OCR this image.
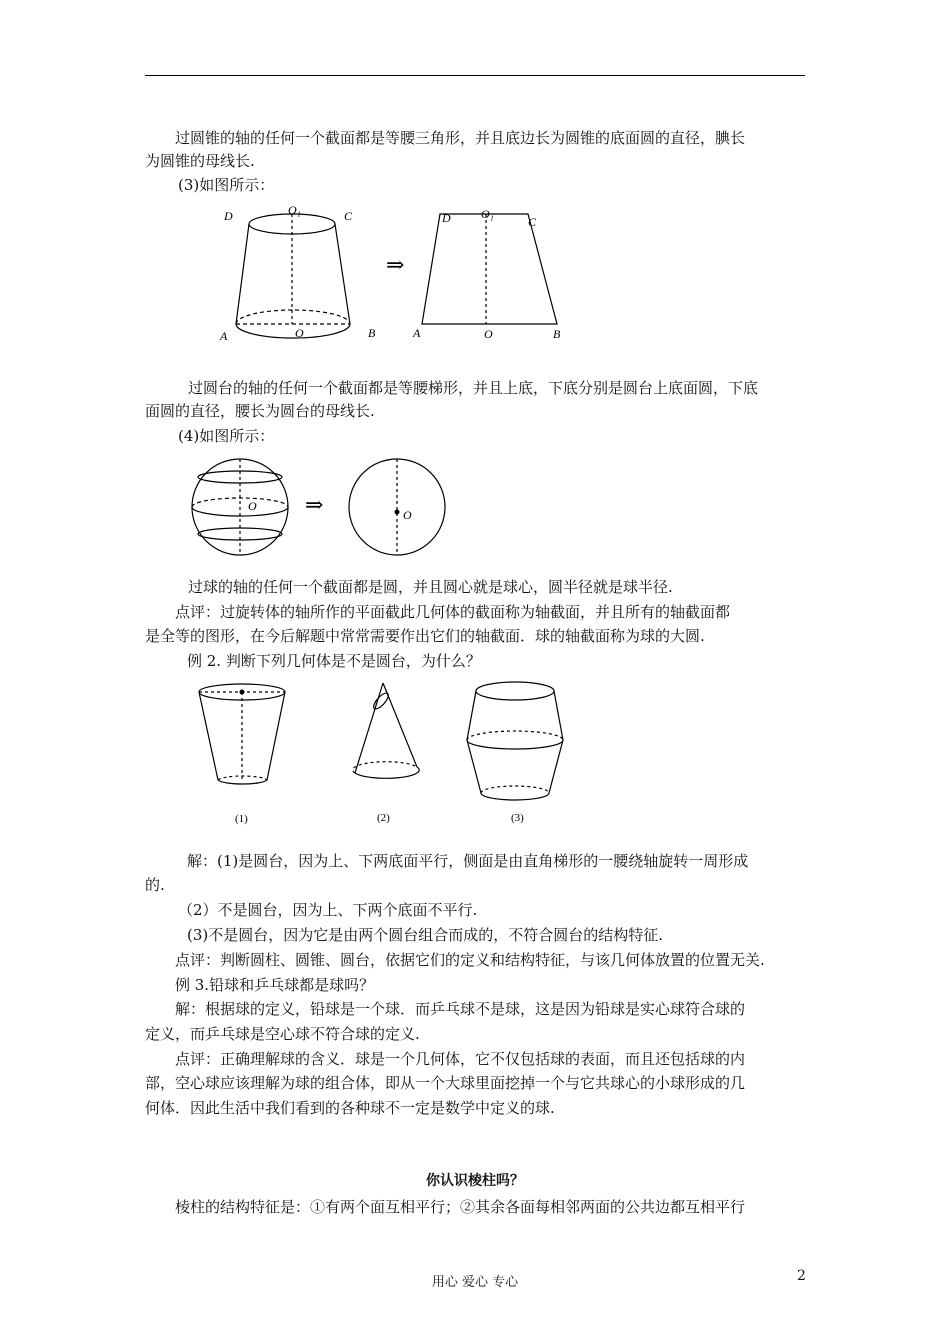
过圆锥的轴的任何一个截面都是等腰三角形，并且底边长为圆锥的底面圆的直径，腆长
为圆锥的母线长.
(3)如图所示：
D	O₁	C
A	O	B
D	O₁
C
A	O	B
⇒
过圆台的轴的任何一个截面都是等腰梯形，并且上底，下底分别是圆台上底面圆，下底
面圆的直径，腰长为圆台的母线长.
(4)如图所示：
O
O
⇒
过球的轴的任何一个截面都是圆，并且圆心就是球心，圆半径就是球半径.
点评：过旋转体的轴所作的平面截此几何体的截面称为轴截面，并且所有的轴截面都
是全等的图形，在今后解题中常常需要作出它们的轴截面．球的轴截面称为球的大圆.
例 2. 判断下列几何体是不是圆台，为什么？
(1)	(2)	(3)
解：(1)是圆台，因为上、下两底面平行，侧面是由直角梯形的一腰绕轴旋转一周形成
的.
（2）不是圆台，因为上、下两个底面不平行.
(3)不是圆台，因为它是由两个圆台组合而成的，不符合圆台的结构特征.
点评：判断圆柱、圆锥、圆台，依据它们的定义和结构特征，与该几何体放置的位置无关.
例 3.铅球和乒乓球都是球吗？
解：根据球的定义，铅球是一个球．而乒乓球不是球，这是因为铅球是实心球符合球的
定义，而乒乓球是空心球不符合球的定义.
点评：正确理解球的含义．球是一个几何体，它不仅包括球的表面，而且还包括球的内
部，空心球应该理解为球的组合体，即从一个大球里面挖掉一个与它共球心的小球形成的几
何体．因此生活中我们看到的各种球不一定是数学中定义的球.
你认识棱柱吗？
棱柱的结构特征是：①有两个面互相平行；②其余各面每相邻两面的公共边都互相平行
用心 爱心 专心	2
